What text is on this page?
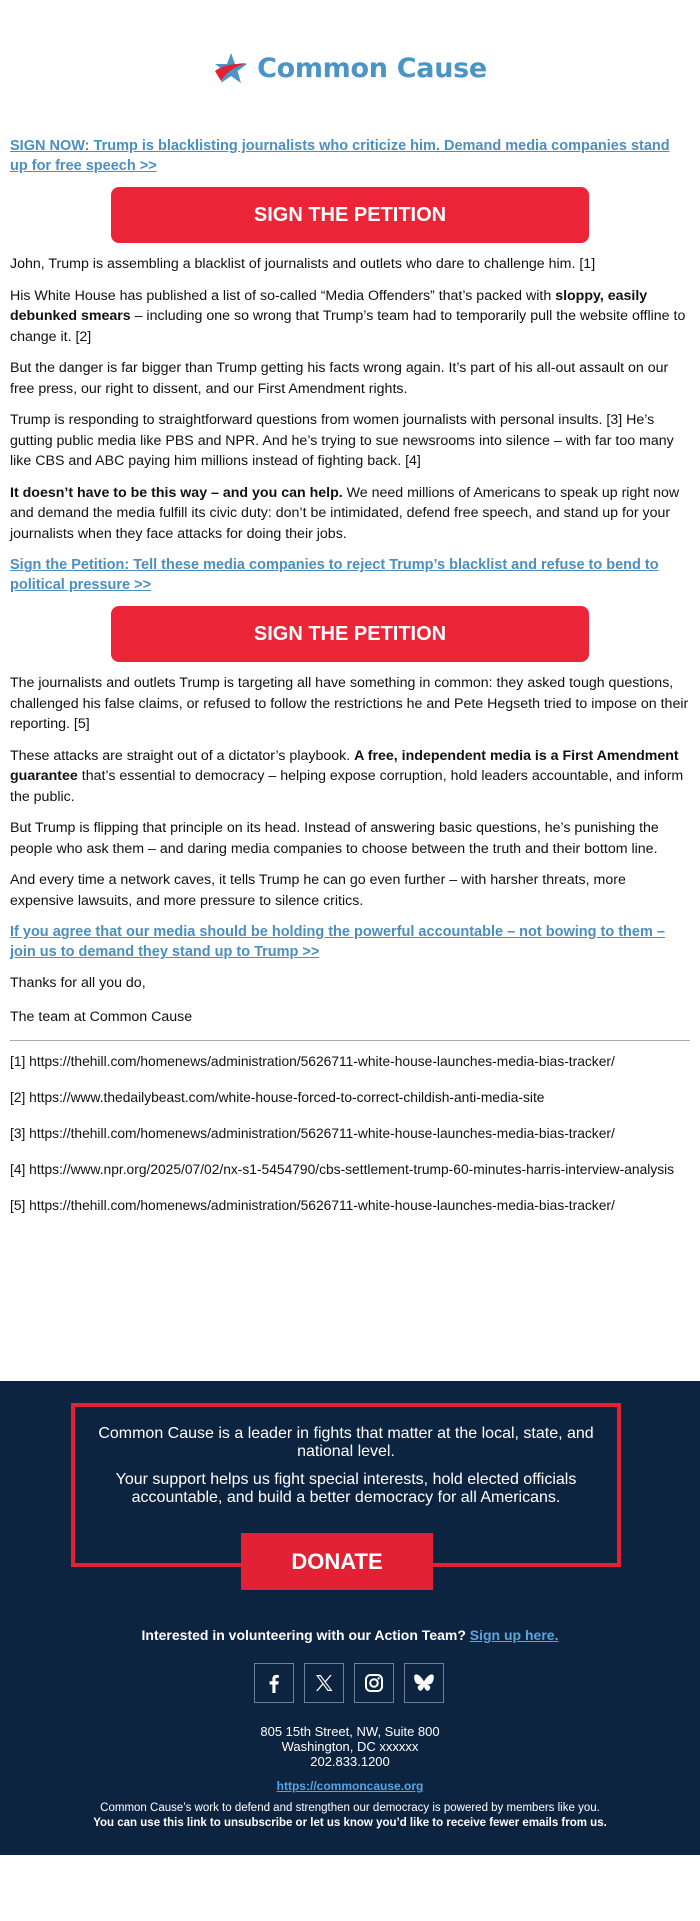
Common Cause
SIGN NOW: Trump is blacklisting journalists who criticize him. Demand media companies stand up for free speech >>
SIGN THE PETITION

John, Trump is assembling a blacklist of journalists and outlets who dare to challenge him. [1]

His White House has published a list of so-called “Media Offenders” that’s packed with sloppy, easily debunked smears – including one so wrong that Trump’s team had to temporarily pull the website offline to change it. [2]

But the danger is far bigger than Trump getting his facts wrong again. It’s part of his all-out assault on our free press, our right to dissent, and our First Amendment rights.

Trump is responding to straightforward questions from women journalists with personal insults. [3] He’s gutting public media like PBS and NPR. And he’s trying to sue newsrooms into silence – with far too many like CBS and ABC paying him millions instead of fighting back. [4]

It doesn’t have to be this way – and you can help. We need millions of Americans to speak up right now and demand the media fulfill its civic duty: don’t be intimidated, defend free speech, and stand up for your journalists when they face attacks for doing their jobs.

Sign the Petition: Tell these media companies to reject Trump’s blacklist and refuse to bend to political pressure >>
SIGN THE PETITION

The journalists and outlets Trump is targeting all have something in common: they asked tough questions, challenged his false claims, or refused to follow the restrictions he and Pete Hegseth tried to impose on their reporting. [5]

These attacks are straight out of a dictator’s playbook. A free, independent media is a First Amendment guarantee that’s essential to democracy – helping expose corruption, hold leaders accountable, and inform the public.

But Trump is flipping that principle on its head. Instead of answering basic questions, he’s punishing the people who ask them – and daring media companies to choose between the truth and their bottom line.

And every time a network caves, it tells Trump he can go even further – with harsher threats, more expensive lawsuits, and more pressure to silence critics.

If you agree that our media should be holding the powerful accountable – not bowing to them – join us to demand they stand up to Trump >>

Thanks for all you do,

The team at Common Cause

[1] https://thehill.com/homenews/administration/5626711-white-house-launches-media-bias-tracker/

[2] https://www.thedailybeast.com/white-house-forced-to-correct-childish-anti-media-site

[3] https://thehill.com/homenews/administration/5626711-white-house-launches-media-bias-tracker/

[4] https://www.npr.org/2025/07/02/nx-s1-5454790/cbs-settlement-trump-60-minutes-harris-interview-analysis

[5] https://thehill.com/homenews/administration/5626711-white-house-launches-media-bias-tracker/

Common Cause is a leader in fights that matter at the local, state, and national level.

Your support helps us fight special interests, hold elected officials accountable, and build a better democracy for all Americans.

DONATE
Interested in volunteering with our Action Team? Sign up here.
805 15th Street, NW, Suite 800
Washington, DC xxxxxx
202.833.1200
https://commoncause.org
Common Cause’s work to defend and strengthen our democracy is powered by members like you.
You can use this link to unsubscribe or let us know you’d like to receive fewer emails from us.
